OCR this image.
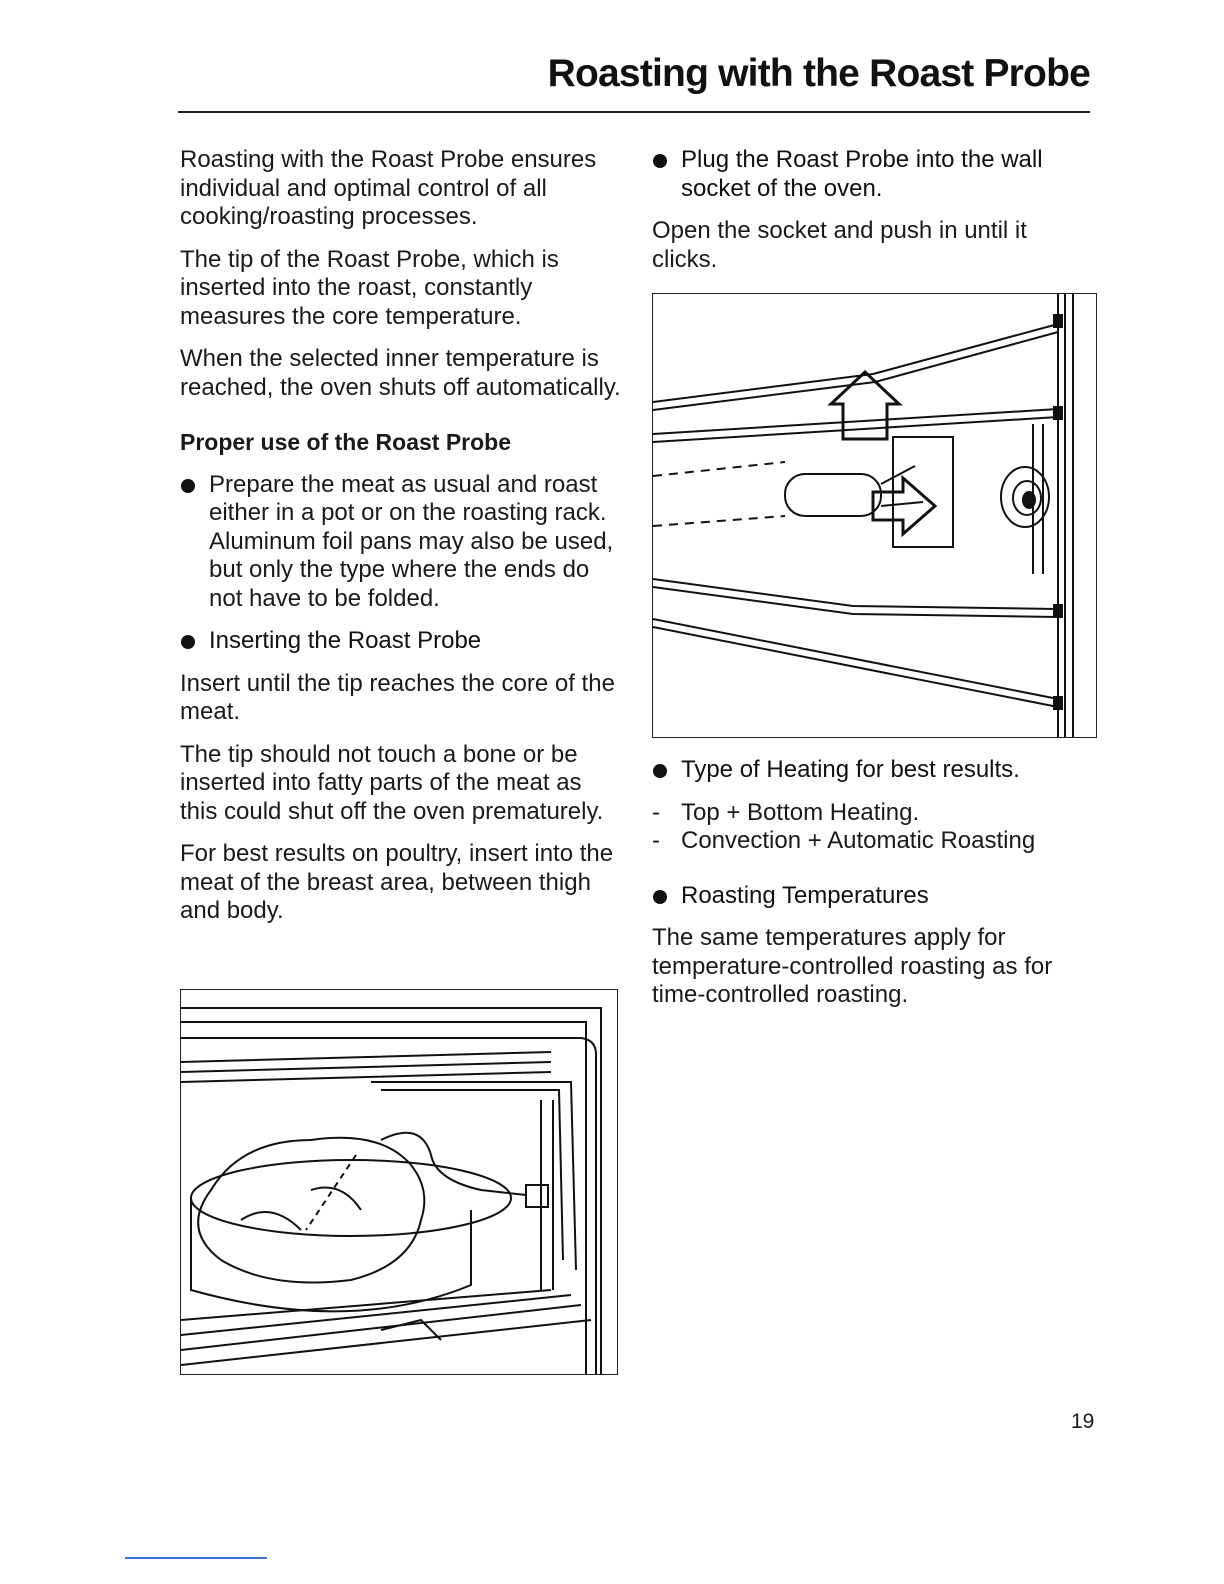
Roasting with the Roast Probe

Roasting with the Roast Probe ensures individual and optimal control of all cooking/roasting processes.

The tip of the Roast Probe, which is inserted into the roast, constantly measures the core temperature.

When the selected inner temperature is reached, the oven shuts off automatically.

Proper use of the Roast Probe
Prepare the meat as usual and roast either in a pot or on the roasting rack. Aluminum foil pans may also be used, but only the type where the ends do not have to be folded.
Inserting the Roast Probe

Insert until the tip reaches the core of the meat.

The tip should not touch a bone or be inserted into fatty parts of the meat as this could shut off the oven prematurely.

For best results on poultry, insert into the meat of the breast area, between thigh and body.

Plug the Roast Probe into the wall socket of the oven.

Open the socket and push in until it clicks.

Type of Heating for best results.
- Top + Bottom Heating.
- Convection + Automatic Roasting
Roasting Temperatures

The same temperatures apply for temperature-controlled roasting as for time-controlled roasting.

19
